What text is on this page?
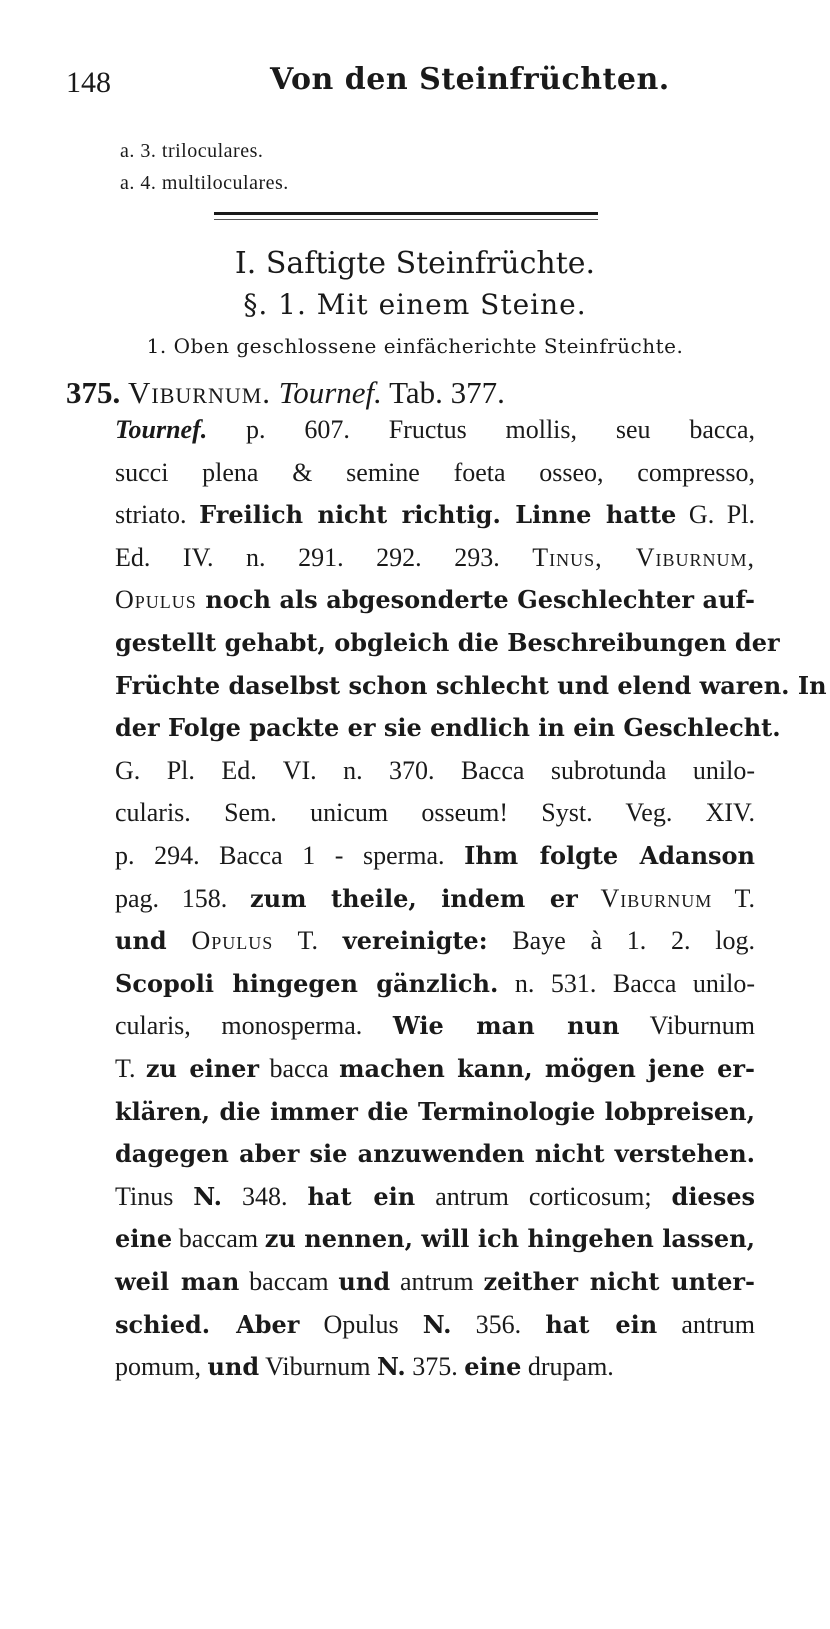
148	Von den Steinfrüchten.
a. 3. triloculares.
a. 4. multiloculares.
I. Saftigte Steinfrüchte.
§. 1. Mit einem Steine.
1. Oben geschlossene einfächerichte Steinfrüchte.
375. Viburnum. Tournef. Tab. 377.
Tournef. p. 607. Fructus mollis, seu bacca,
succi plena & semine foeta osseo, compresso,
striato. Freilich nicht richtig. Linne hatte G. Pl.
Ed. IV. n. 291. 292. 293. Tinus, Viburnum,
Opulus noch als abgesonderte Geschlechter auf-
gestellt gehabt, obgleich die Beschreibungen der
Früchte daselbst schon schlecht und elend waren. In
der Folge packte er sie endlich in ein Geschlecht.
G. Pl. Ed. VI. n. 370. Bacca subrotunda unilo-
cularis. Sem. unicum osseum! Syst. Veg. XIV.
p. 294. Bacca 1 - sperma. Ihm folgte Adanson
pag. 158. zum theile, indem er Viburnum T.
und Opulus T. vereinigte: Baye à 1. 2. log.
Scopoli hingegen gänzlich. n. 531. Bacca unilo-
cularis, monosperma. Wie man nun Viburnum
T. zu einer bacca machen kann, mögen jene er-
klären, die immer die Terminologie lobpreisen,
dagegen aber sie anzuwenden nicht verstehen.
Tinus N. 348. hat ein antrum corticosum; dieses
eine baccam zu nennen, will ich hingehen lassen,
weil man baccam und antrum zeither nicht unter-
schied. Aber Opulus N. 356. hat ein antrum
pomum, und Viburnum N. 375. eine drupam.
